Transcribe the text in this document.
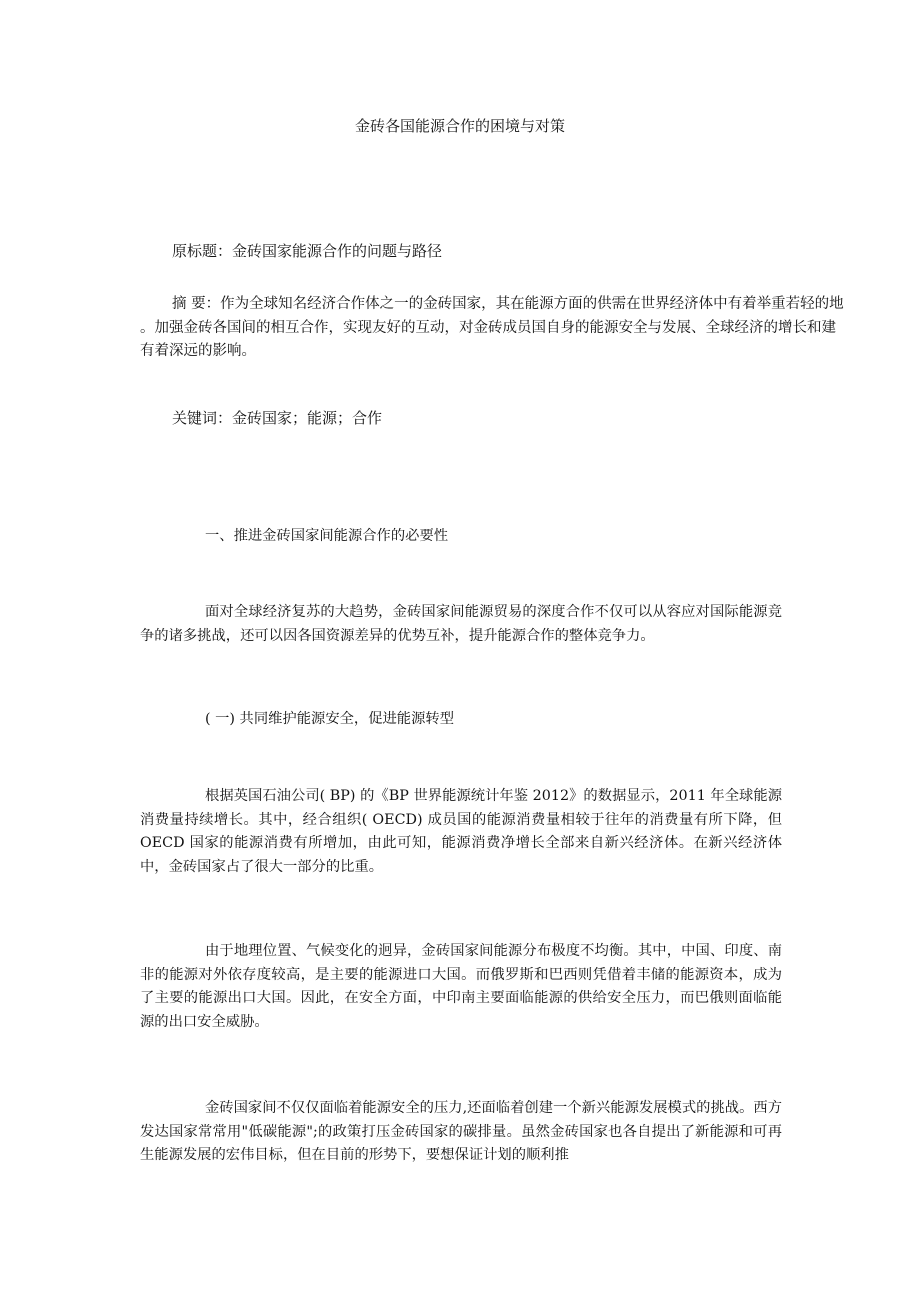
金砖各国能源合作的困境与对策
原标题：金砖国家能源合作的问题与路径
摘 要：作为全球知名经济合作体之一的金砖国家，其在能源方面的供需在世界经济体中有着举重若轻的地
。加强金砖各国间的相互合作，实现友好的互动，对金砖成员国自身的能源安全与发展、全球经济的增长和建
有着深远的影响。
关键词：金砖国家；能源；合作
一、推进金砖国家间能源合作的必要性

面对全球经济复苏的大趋势，金砖国家间能源贸易的深度合作不仅可以从容应对国际能源竞争的诸多挑战，还可以因各国资源差异的优势互补，提升能源合作的整体竞争力。

( 一) 共同维护能源安全，促进能源转型

根据英国石油公司( BP) 的《BP 世界能源统计年鉴 2012》的数据显示，2011 年全球能源消费量持续增长。其中，经合组织( OECD) 成员国的能源消费量相较于往年的消费量有所下降，但 OECD 国家的能源消费有所增加，由此可知，能源消费净增长全部来自新兴经济体。在新兴经济体中，金砖国家占了很大一部分的比重。

由于地理位置、气候变化的迥异，金砖国家间能源分布极度不均衡。其中，中国、印度、南非的能源对外依存度较高，是主要的能源进口大国。而俄罗斯和巴西则凭借着丰储的能源资本，成为了主要的能源出口大国。因此，在安全方面，中印南主要面临能源的供给安全压力，而巴俄则面临能源的出口安全威胁。

金砖国家间不仅仅面临着能源安全的压力,还面临着创建一个新兴能源发展模式的挑战。西方发达国家常常用"低碳能源";的政策打压金砖国家的碳排量。虽然金砖国家也各自提出了新能源和可再生能源发展的宏伟目标，但在目前的形势下，要想保证计划的顺利推
